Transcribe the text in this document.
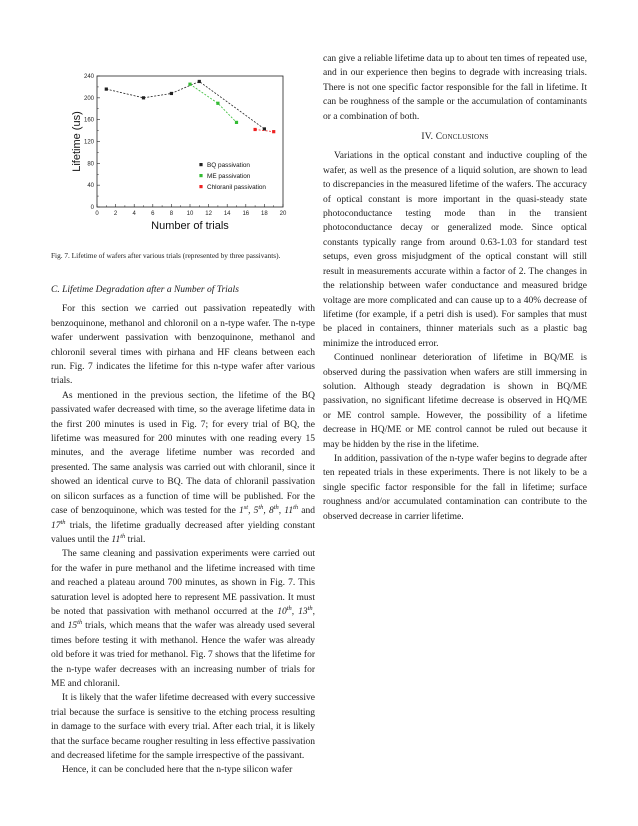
0	2	4	6	8 10 12 14 16 18 20
0
40
80
120
160
200
240
Number of trials
Lifetime (us)	BQ passivation
ME passivation
Chloranil passivation

Fig. 7. Lifetime of wafers after various trials (represented by three passivants).

C. Lifetime Degradation after a Number of Trials

For this section we carried out passivation repeatedly with benzoquinone, methanol and chloronil on a n-type wafer. The n-type wafer underwent passivation with benzoquinone, methanol and chloronil several times with pirhana and HF cleans between each run. Fig. 7 indicates the lifetime for this n-type wafer after various trials.

As mentioned in the previous section, the lifetime of the BQ passivated wafer decreased with time, so the average lifetime data in the first 200 minutes is used in Fig. 7; for every trial of BQ, the lifetime was measured for 200 minutes with one reading every 15 minutes, and the average lifetime number was recorded and presented. The same analysis was carried out with chloranil, since it showed an identical curve to BQ. The data of chloranil passivation on silicon surfaces as a function of time will be published. For the case of benzoquinone, which was tested for the 1st, 5th, 8th, 11th and 17th trials, the lifetime gradually decreased after yielding constant values until the 11th trial.

The same cleaning and passivation experiments were carried out for the wafer in pure methanol and the lifetime increased with time and reached a plateau around 700 minutes, as shown in Fig. 7. This saturation level is adopted here to represent ME passivation. It must be noted that passivation with methanol occurred at the 10th, 13th, and 15th trials, which means that the wafer was already used several times before testing it with methanol. Hence the wafer was already old before it was tried for methanol. Fig. 7 shows that the lifetime for the n-type wafer decreases with an increasing number of trials for ME and chloranil.

It is likely that the wafer lifetime decreased with every successive trial because the surface is sensitive to the etching process resulting in damage to the surface with every trial. After each trial, it is likely that the surface became rougher resulting in less effective passivation and decreased lifetime for the sample irrespective of the passivant.

Hence, it can be concluded here that the n-type silicon wafer

can give a reliable lifetime data up to about ten times of repeated use, and in our experience then begins to degrade with increasing trials. There is not one specific factor responsible for the fall in lifetime. It can be roughness of the sample or the accumulation of contaminants or a combination of both.

IV. Conclusions

Variations in the optical constant and inductive coupling of the wafer, as well as the presence of a liquid solution, are shown to lead to discrepancies in the measured lifetime of the wafers. The accuracy of optical constant is more important in the quasi-steady state photoconductance testing mode than in the transient photoconductance decay or generalized mode. Since optical constants typically range from around 0.63-1.03 for standard test setups, even gross misjudgment of the optical constant will still result in measurements accurate within a factor of 2. The changes in the relationship between wafer conductance and measured bridge voltage are more complicated and can cause up to a 40% decrease of lifetime (for example, if a petri dish is used). For samples that must be placed in containers, thinner materials such as a plastic bag minimize the introduced error.

Continued nonlinear deterioration of lifetime in BQ/ME is observed during the passivation when wafers are still immersing in solution. Although steady degradation is shown in BQ/ME passivation, no significant lifetime decrease is observed in HQ/ME or ME control sample. However, the possibility of a lifetime decrease in HQ/ME or ME control cannot be ruled out because it may be hidden by the rise in the lifetime.

In addition, passivation of the n-type wafer begins to degrade after ten repeated trials in these experiments. There is not likely to be a single specific factor responsible for the fall in lifetime; surface roughness and/or accumulated contamination can contribute to the observed decrease in carrier lifetime.
